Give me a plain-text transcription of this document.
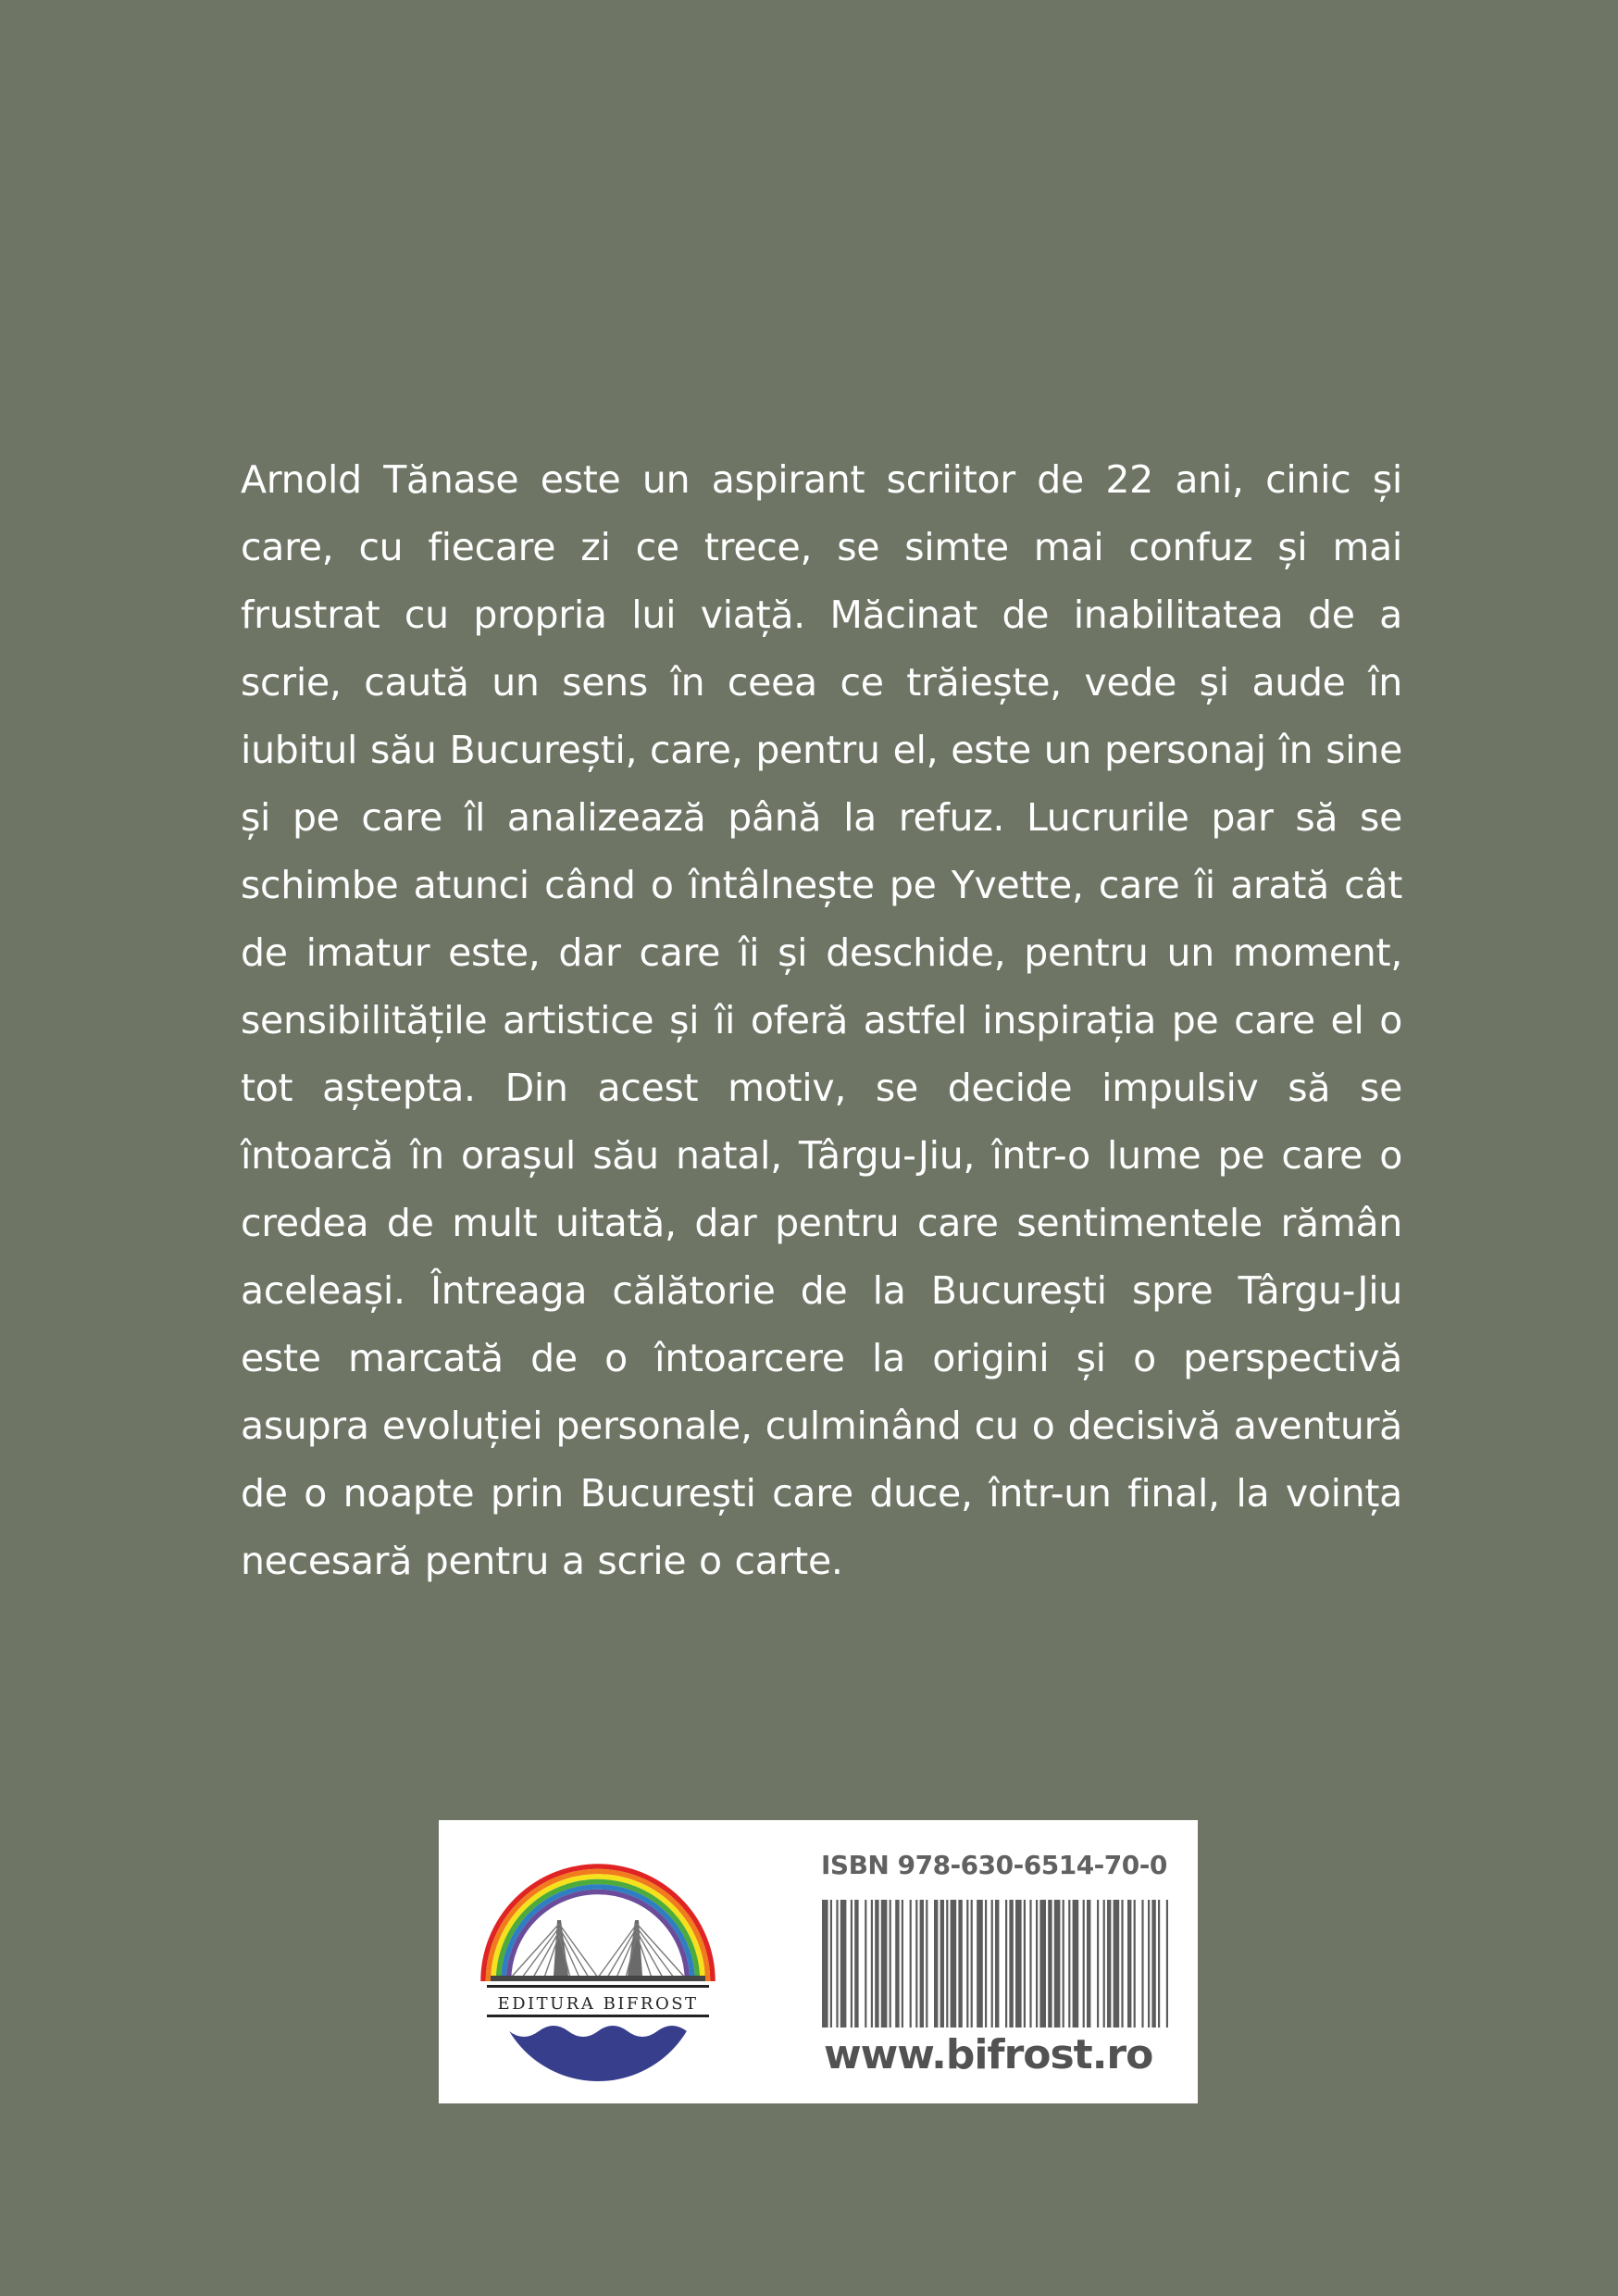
Arnold Tănase este un aspirant scriitor de 22 ani, cinic și care, cu fiecare zi ce trece, se simte mai confuz și mai frustrat cu propria lui viață. Măcinat de inabilitatea de a scrie, caută un sens în ceea ce trăiește, vede și aude în iubitul său București, care, pentru el, este un personaj în sine și pe care îl analizează până la refuz. Lucrurile par să se schimbe atunci când o întâlnește pe Yvette, care îi arată cât de imatur este, dar care îi și deschide, pentru un moment, sensibilitățile artistice și îi oferă astfel inspirația pe care el o tot aștepta. Din acest motiv, se decide impulsiv să se întoarcă în orașul său natal, Târgu-Jiu, într-o lume pe care o credea de mult uitată, dar pentru care sentimentele rămân aceleași. Întreaga călătorie de la București spre Târgu-Jiu este marcată de o întoarcere la origini și o perspectivă asupra evoluției personale, culminând cu o decisivă aventură de o noapte prin București care duce, într-un final, la voința necesară pentru a scrie o carte.

EDITURA BIFROST

ISBN 978-630-6514-70-0

www.bifrost.ro
